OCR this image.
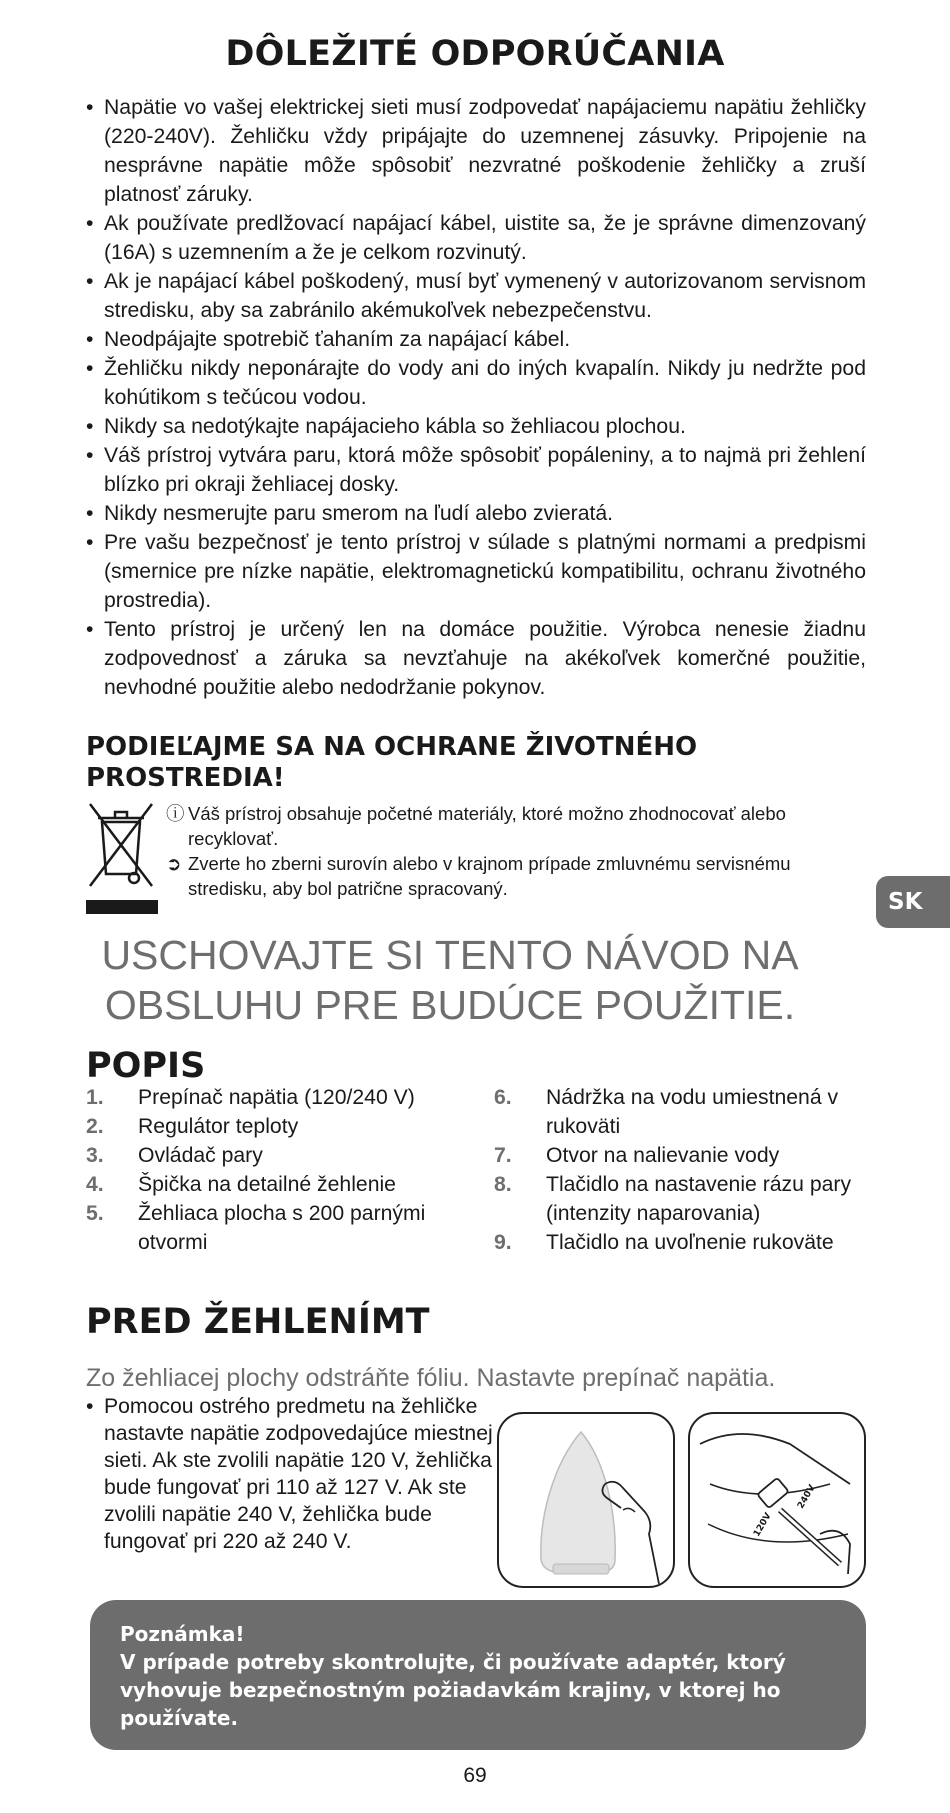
DÔLEŽITÉ ODPORÚČANIA
• Napätie vo vašej elektrickej sieti musí zodpovedať napájaciemu napätiu žehličky (220-240V). Žehličku vždy pripájajte do uzemnenej zásuvky. Pripojenie na nesprávne napätie môže spôsobiť nezvratné poškodenie žehličky a zruší platnosť záruky.
• Ak používate predlžovací napájací kábel, uistite sa, že je správne dimenzovaný (16A) s uzemnením a že je celkom rozvinutý.
• Ak je napájací kábel poškodený, musí byť vymenený v autorizovanom servisnom stredisku, aby sa zabránilo akémukoľvek nebezpečenstvu.
• Neodpájajte spotrebič ťahaním za napájací kábel.
• Žehličku nikdy neponárajte do vody ani do iných kvapalín. Nikdy ju nedržte pod kohútikom s tečúcou vodou.
• Nikdy sa nedotýkajte napájacieho kábla so žehliacou plochou.
• Váš prístroj vytvára paru, ktorá môže spôsobiť popáleniny, a to najmä pri žehlení blízko pri okraji žehliacej dosky.
• Nikdy nesmerujte paru smerom na ľudí alebo zvieratá.
• Pre vašu bezpečnosť je tento prístroj v súlade s platnými normami a predpismi (smernice pre nízke napätie, elektromagnetickú kompatibilitu, ochranu životného prostredia).
• Tento prístroj je určený len na domáce použitie. Výrobca nenesie žiadnu zodpovednosť a záruka sa nevzťahuje na akékoľvek komerčné použitie, nevhodné použitie alebo nedodržanie pokynov.
PODIEĽAJME SA NA OCHRANE ŽIVOTNÉHO
PROSTREDIA!
ⓘ Váš prístroj obsahuje početné materiály, ktoré možno zhodnocovať alebo recyklovať.
➲ Zverte ho zberni surovín alebo v krajnom prípade zmluvnému servisnému stredisku, aby bol patrične spracovaný.
SK
USCHOVAJTE SI TENTO NÁVOD NA
OBSLUHU PRE BUDÚCE POUŽITIE.
POPIS
1. Prepínač napätia (120/240 V)
2. Regulátor teploty
3. Ovládač pary
4. Špička na detailné žehlenie
5. Žehliaca plocha s 200 parnými otvormi
6. Nádržka na vodu umiestnená v rukoväti
7. Otvor na nalievanie vody
8. Tlačidlo na nastavenie rázu pary (intenzity naparovania)
9. Tlačidlo na uvoľnenie rukoväte
PRED ŽEHLENÍMT
Zo žehliacej plochy odstráňte fóliu. Nastavte prepínač napätia.
• Pomocou ostrého predmetu na žehličke nastavte napätie zodpovedajúce miestnej sieti. Ak ste zvolili napätie 120 V, žehlička bude fungovať pri 110 až 127 V. Ak ste zvolili napätie 240 V, žehlička bude fungovať pri 220 až 240 V.
120V
240V
Poznámka!
V prípade potreby skontrolujte, či používate adaptér, ktorý vyhovuje bezpečnostným požiadavkám krajiny, v ktorej ho používate.
69
